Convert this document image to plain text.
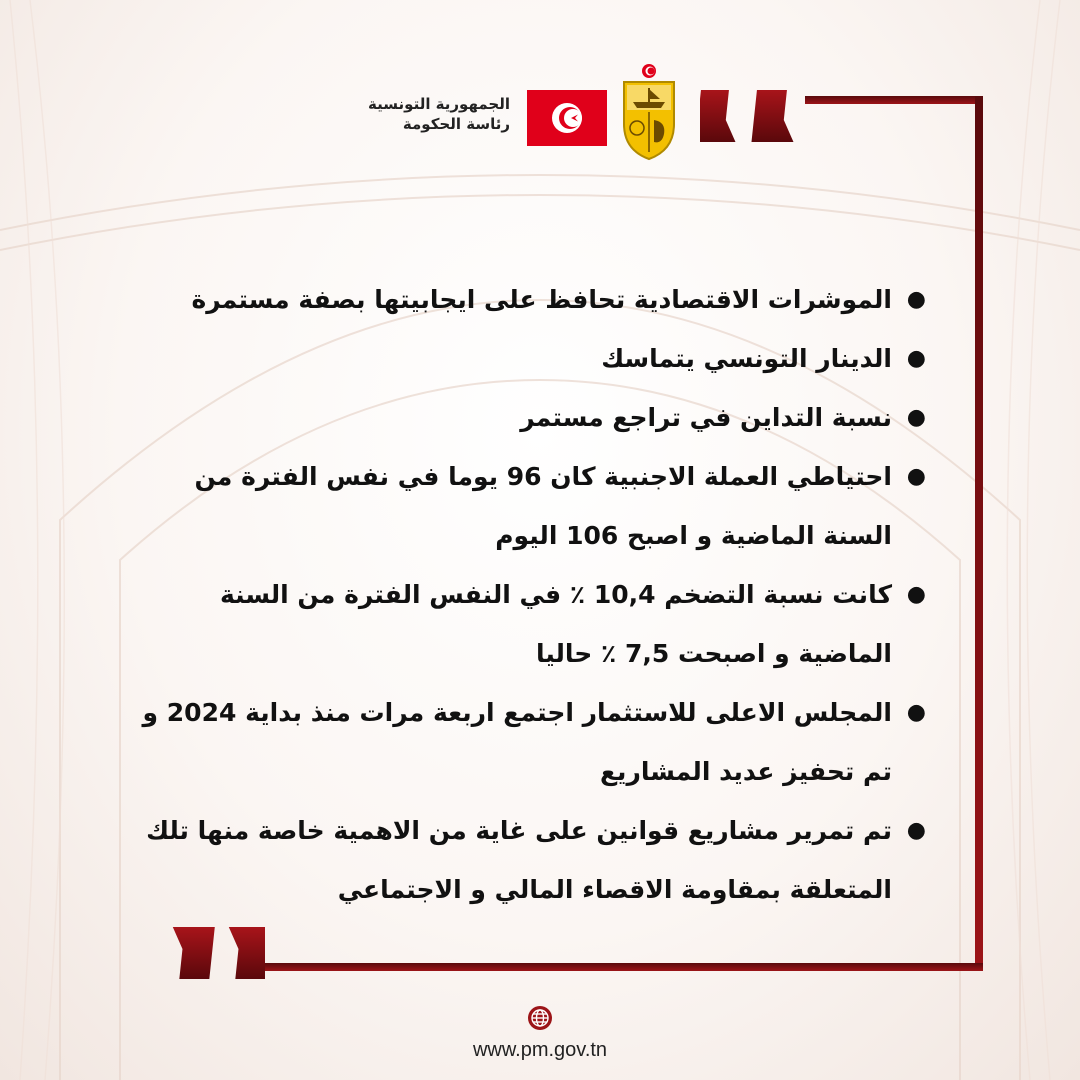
الجمهورية التونسية
رئاسة الحكومة
●
الموشرات الاقتصادية تحافظ على ايجابيتها بصفة مستمرة
●
الدينار التونسي يتماسك
●
نسبة التداين في تراجع مستمر
●
احتياطي العملة الاجنبية كان 96 يوما في نفس الفترة من السنة الماضية و اصبح 106 اليوم
●
كانت نسبة التضخم 10,4 ٪ في النفس الفترة من السنة الماضية و اصبحت 7,5 ٪ حاليا
●
المجلس الاعلى للاستثمار اجتمع اربعة مرات منذ بداية 2024 و تم تحفيز عديد المشاريع
●
تم تمرير مشاريع قوانين على غاية من الاهمية خاصة منها تلك المتعلقة بمقاومة الاقصاء المالي و الاجتماعي
www.pm.gov.tn
